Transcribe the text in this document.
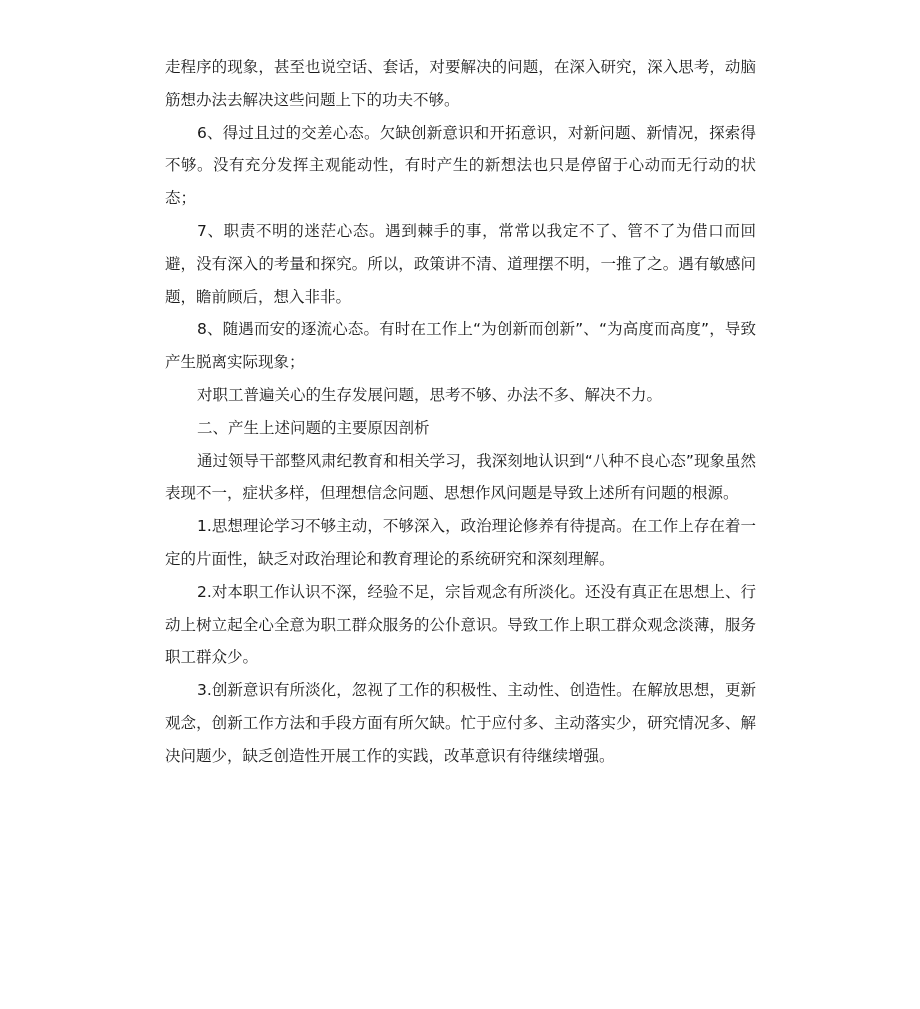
走程序的现象，甚至也说空话、套话，对要解决的问题，在深入研究，深入思考，动脑筋想办法去解决这些问题上下的功夫不够。

6、得过且过的交差心态。欠缺创新意识和开拓意识，对新问题、新情况，探索得不够。没有充分发挥主观能动性，有时产生的新想法也只是停留于心动而无行动的状态；

7、职责不明的迷茫心态。遇到棘手的事，常常以我定不了、管不了为借口而回避，没有深入的考量和探究。所以，政策讲不清、道理摆不明，一推了之。遇有敏感问题，瞻前顾后，想入非非。

8、随遇而安的逐流心态。有时在工作上“为创新而创新”、“为高度而高度”，导致产生脱离实际现象；

对职工普遍关心的生存发展问题，思考不够、办法不多、解决不力。

二、产生上述问题的主要原因剖析

通过领导干部整风肃纪教育和相关学习，我深刻地认识到“八种不良心态”现象虽然表现不一，症状多样，但理想信念问题、思想作风问题是导致上述所有问题的根源。

1.思想理论学习不够主动，不够深入，政治理论修养有待提高。在工作上存在着一定的片面性，缺乏对政治理论和教育理论的系统研究和深刻理解。

2.对本职工作认识不深，经验不足，宗旨观念有所淡化。还没有真正在思想上、行动上树立起全心全意为职工群众服务的公仆意识。导致工作上职工群众观念淡薄，服务职工群众少。

3.创新意识有所淡化，忽视了工作的积极性、主动性、创造性。在解放思想，更新观念，创新工作方法和手段方面有所欠缺。忙于应付多、主动落实少，研究情况多、解决问题少，缺乏创造性开展工作的实践，改革意识有待继续增强。
